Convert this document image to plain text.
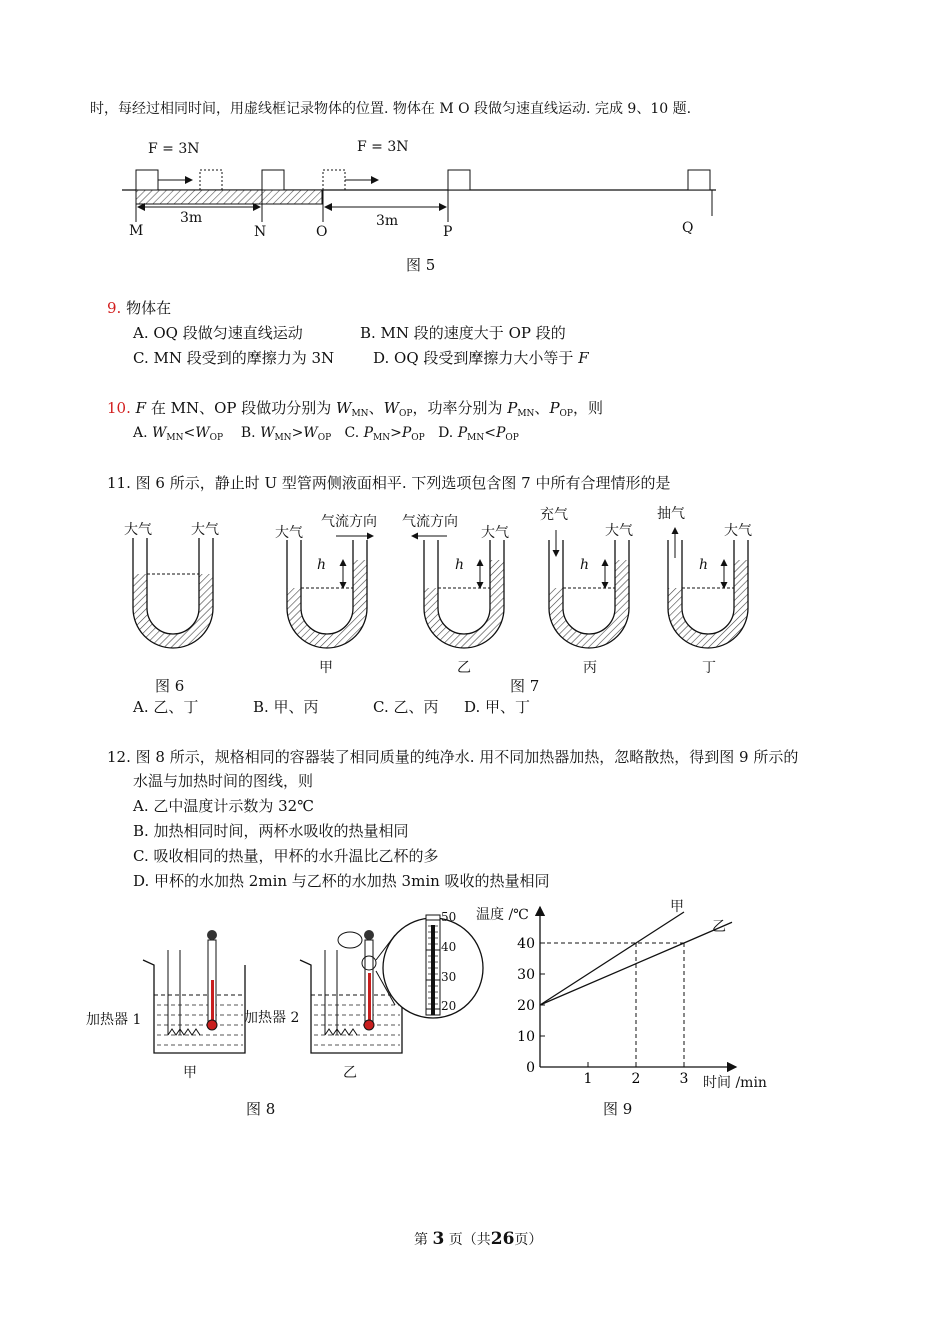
时，每经过相同时间，用虚线框记录物体的位置. 物体在 M O 段做匀速直线运动. 完成 9、10 题.
F = 3N	F = 3N
3m	3m
M	N	O	P	Q
图 5
9. 物体在
A. OQ 段做匀速直线运动	B. MN 段的速度大于 OP 段的
C. MN 段受到的摩擦力为 3N	D. OQ 段受到摩擦力大小等于 F
10. F 在 MN、OP 段做功分别为 $W_{MN}$、$W_{OP}$，功率分别为 $P_{MN}$、$P_{OP}$，则
A. $W_{MN}<W_{OP}$ B. $W_{MN}>W_{OP}$ C. $P_{MN}>P_{OP}$ D. $P_{MN}<P_{OP}$
11. 图 6 所示，静止时 U 型管两侧液面相平. 下列选项包含图 7 中所有合理情形的是
大气	大气	大气
气流方向 气流方向
大气
充气
大气
抽气
大气
h	h	h	h
甲	乙	丙	丁
图 6	图 7
A. 乙、丁	B. 甲、丙	C. 乙、丙 D. 甲、丁
12. 图 8 所示，规格相同的容器装了相同质量的纯净水. 用不同加热器加热，忽略散热，得到图 9 所示的
水温与加热时间的图线，则
A. 乙中温度计示数为 32℃
B. 加热相同时间，两杯水吸收的热量相同
C. 吸收相同的热量，甲杯的水升温比乙杯的多
D. 甲杯的水加热 2min 与乙杯的水加热 3min 吸收的热量相同
50
40
30
20
加热器 1	加热器 2
甲	乙
图 8
0
10
20
30
40
1	2	3
温度 /℃
时间 /min
甲
乙
图 9
第 3 页（共26页）
